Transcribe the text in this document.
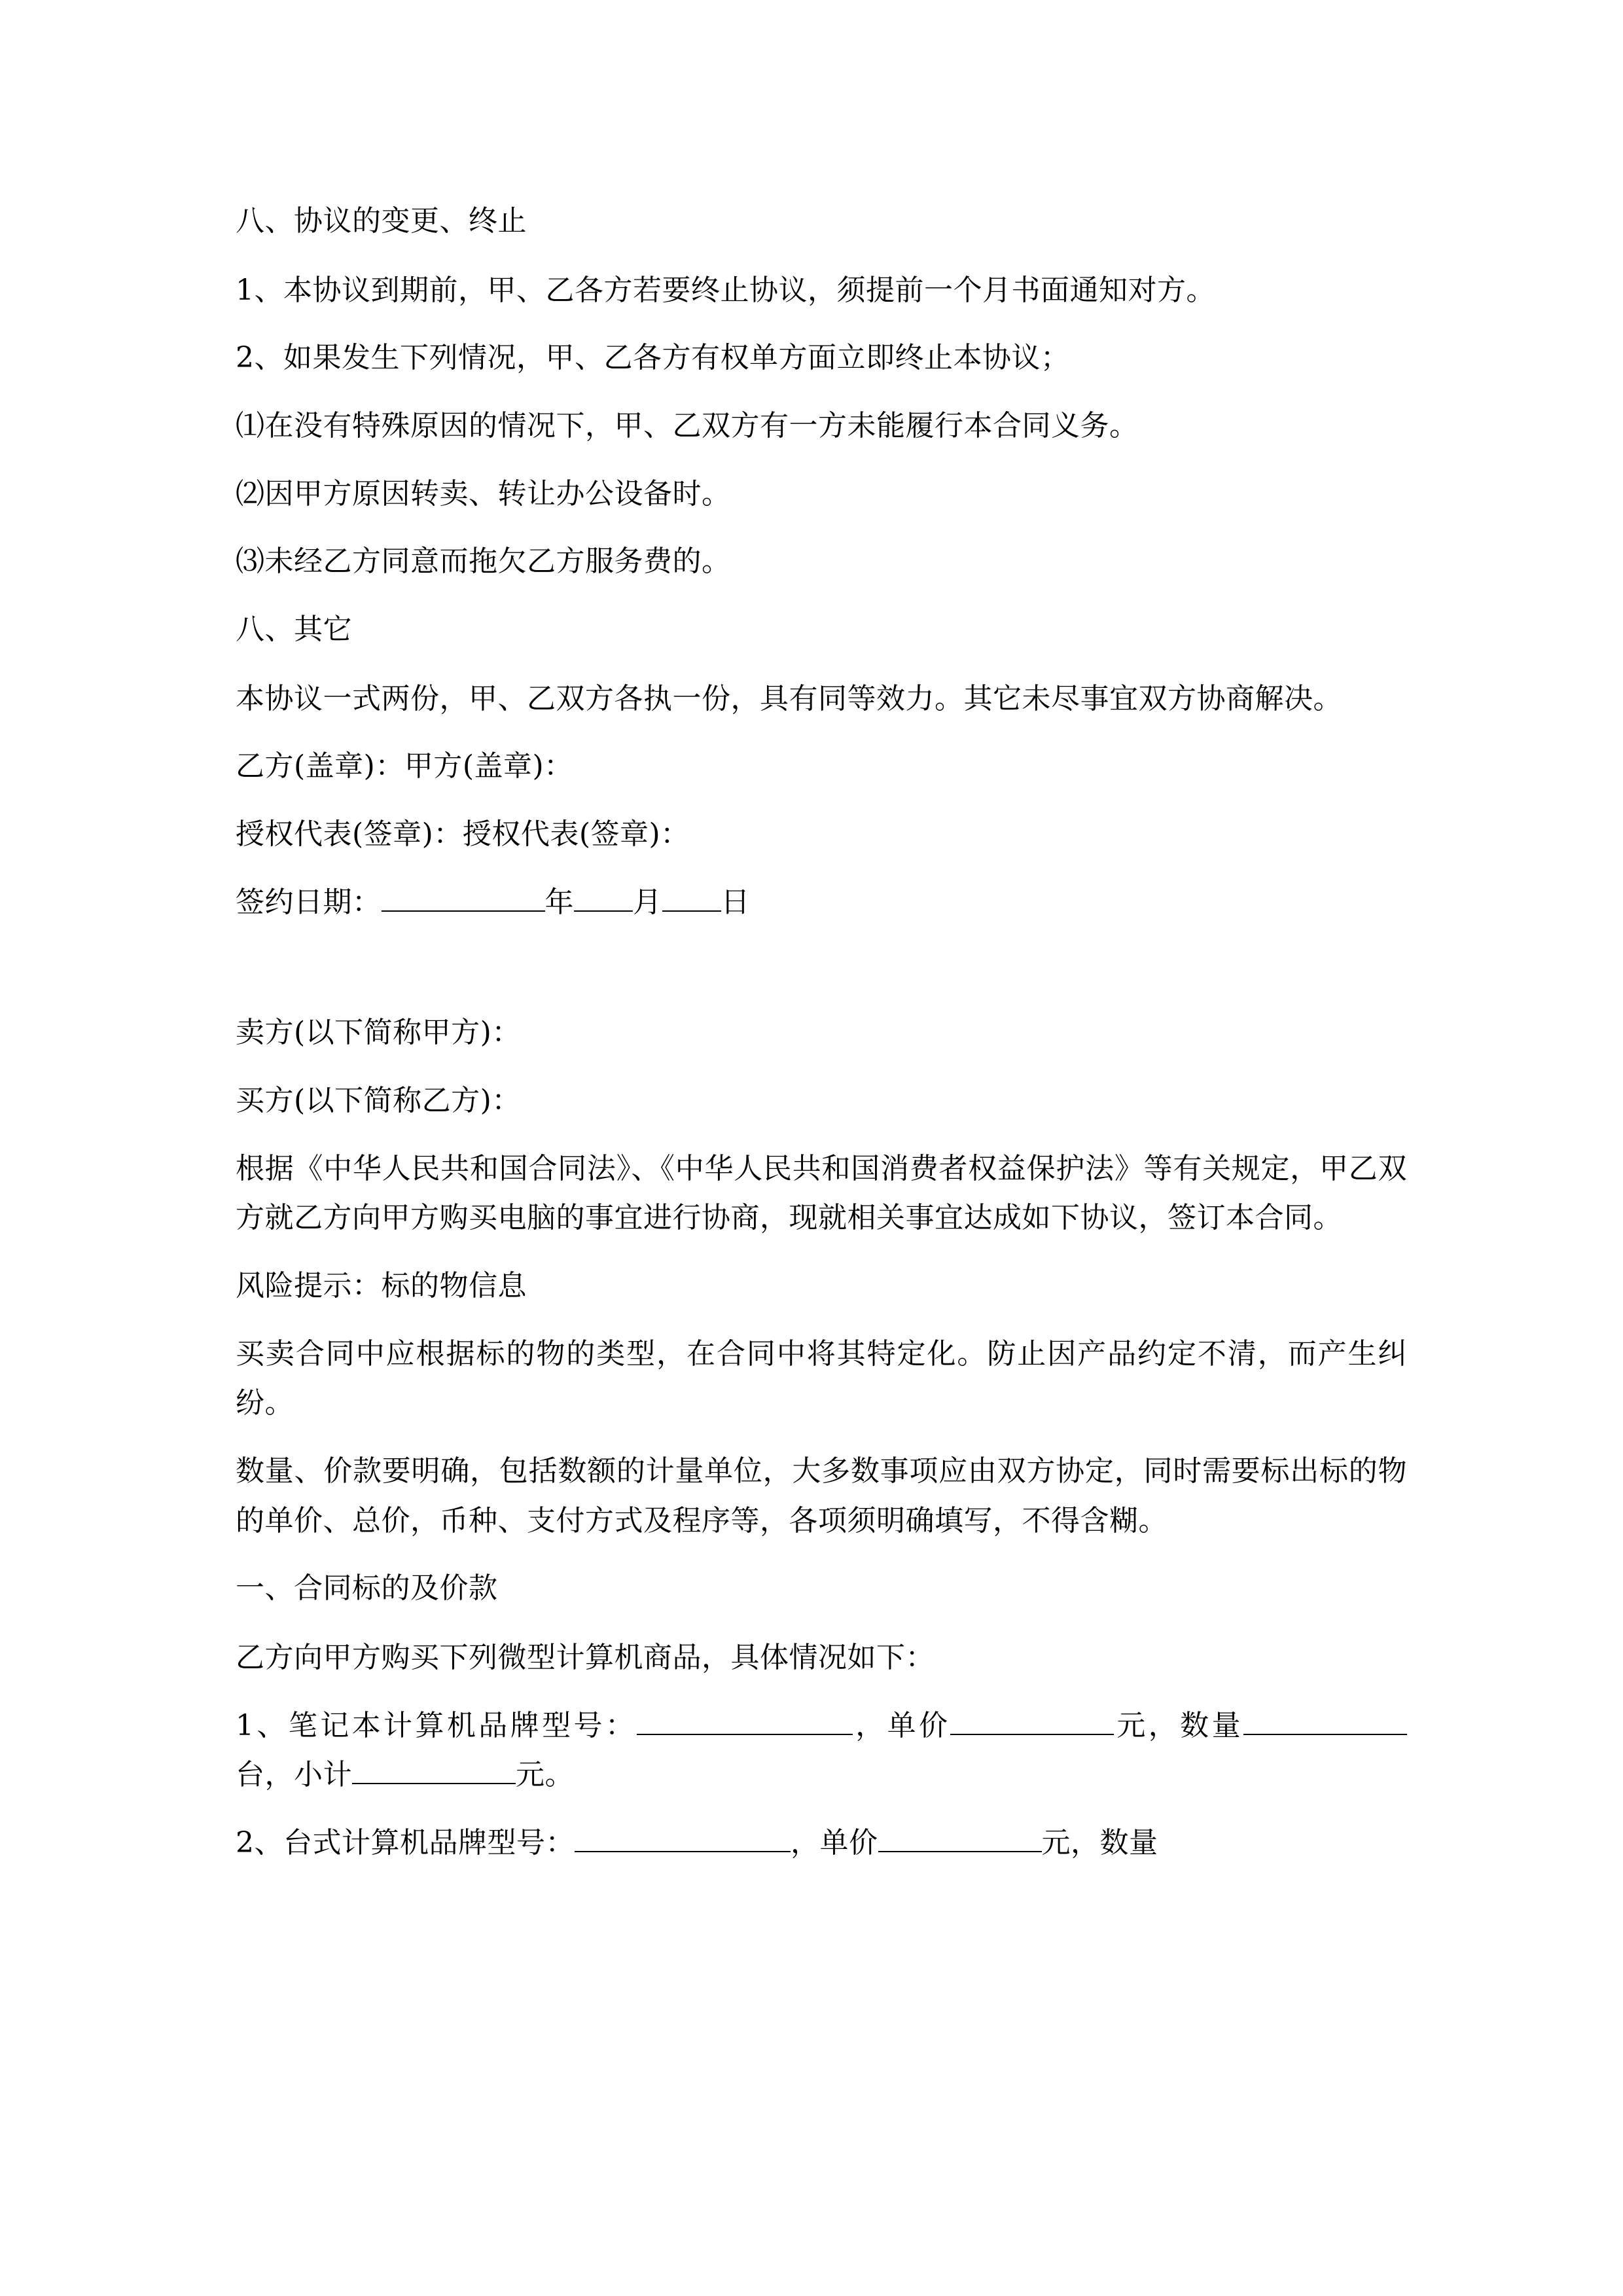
八、协议的变更、终止

1、本协议到期前，甲、乙各方若要终止协议，须提前一个月书面通知对方。

2、如果发生下列情况，甲、乙各方有权单方面立即终止本协议；

⑴在没有特殊原因的情况下，甲、乙双方有一方未能履行本合同义务。

⑵因甲方原因转卖、转让办公设备时。

⑶未经乙方同意而拖欠乙方服务费的。

八、其它

本协议一式两份，甲、乙双方各执一份，具有同等效力。其它未尽事宜双方协商解决。

乙方(盖章)：甲方(盖章)：

授权代表(签章)：授权代表(签章)：

签约日期：	年 月 日

卖方(以下简称甲方)：

买方(以下简称乙方)：

根据《中华人民共和国合同法》、《中华人民共和国消费者权益保护法》等有关规定，甲乙双方就乙方向甲方购买电脑的事宜进行协商，现就相关事宜达成如下协议，签订本合同。

风险提示：标的物信息

买卖合同中应根据标的物的类型，在合同中将其特定化。防止因产品约定不清，而产生纠纷。

数量、价款要明确，包括数额的计量单位，大多数事项应由双方协定，同时需要标出标的物的单价、总价，币种、支付方式及程序等，各项须明确填写，不得含糊。

一、合同标的及价款

乙方向甲方购买下列微型计算机商品，具体情况如下：

1、笔记本计算机品牌型号：	，单价	元，数量台，小计	元。

2、台式计算机品牌型号：	，单价	元，数量
